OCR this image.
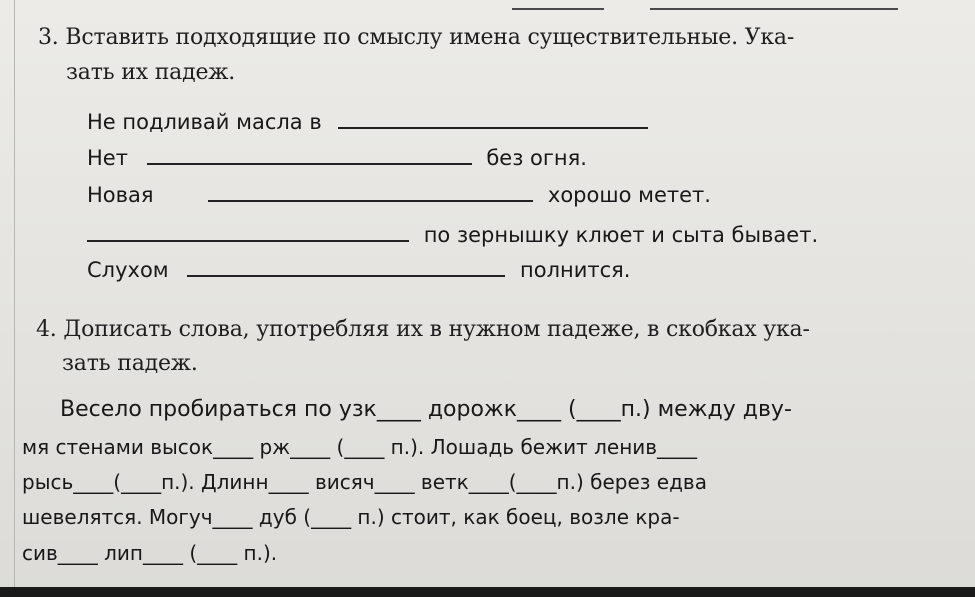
3. Вставить подходящие по смыслу имена существительные. Ука-
зать их падеж.
Не подливай масла в
Нет	без огня.
Новая	хорошо метет.
по зернышку клюет и сыта бывает.
Слухом	полнится.
4. Дописать слова, употребляя их в нужном падеже, в скобках ука-
зать падеж.
Весело пробираться по узк____ дорожк____ (____п.) между дву-
мя стенами высок____ рж____ (____ п.). Лошадь бежит ленив____
рысь____(____п.). Длинн____ висяч____ ветк____(____п.) берез едва
шевелятся. Могуч____ дуб (____ п.) стоит, как боец, возле кра-
сив____ лип____ (____ п.).
